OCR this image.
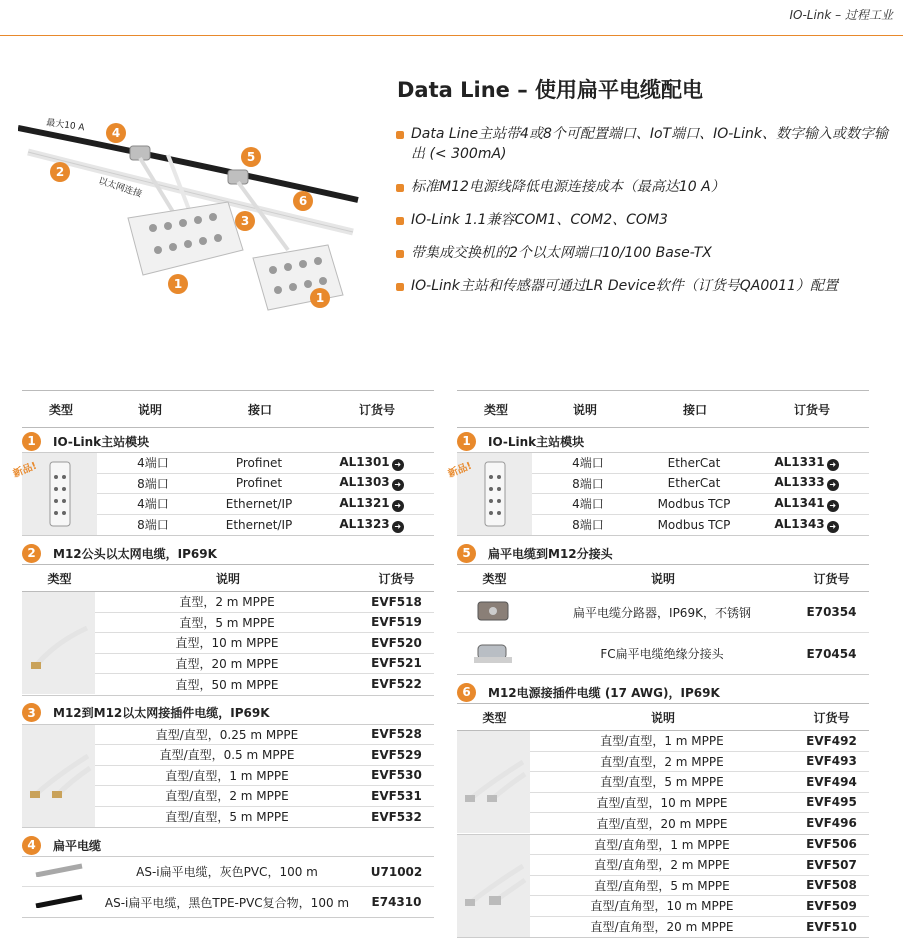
IO-Link – 过程工业
最大10 A
以太网连接
4
2
5
3
6
1
1
Data Line – 使用扁平电缆配电
Data Line主站带4或8个可配置端口、IoT端口、IO-Link、数字输入或数字输出 (< 300mA)
标准M12电源线降低电源连接成本（最高达10 A）
IO-Link 1.1兼容COM1、COM2、COM3
带集成交换机的2个以太网端口10/100 Base-TX
IO-Link主站和传感器可通过LR Device软件（订货号QA0011）配置
类型	说明	接口	订货号
1	IO-Link主站模块
新品!	4端口	Profinet	AL1301 ➜
8端口	Profinet	AL1303 ➜
4端口	Ethernet/IP	AL1321 ➜
8端口	Ethernet/IP	AL1323 ➜
2	M12公头以太网电缆，IP69K
类型	说明	订货号
直型，2 m MPPE	EVF518
直型，5 m MPPE	EVF519
直型，10 m MPPE	EVF520
直型，20 m MPPE	EVF521
直型，50 m MPPE	EVF522
3	M12到M12以太网接插件电缆，IP69K
直型/直型，0.25 m MPPE	EVF528
直型/直型，0.5 m MPPE	EVF529
直型/直型，1 m MPPE	EVF530
直型/直型，2 m MPPE	EVF531
直型/直型，5 m MPPE	EVF532
4	扁平电缆
AS-i扁平电缆，灰色PVC，100 m	U71002
AS-i扁平电缆，黑色TPE-PVC复合物，100 m	E74310
类型	说明	接口	订货号
1	IO-Link主站模块
新品!	4端口	EtherCat	AL1331 ➜
8端口	EtherCat	AL1333 ➜
4端口	Modbus TCP	AL1341 ➜
8端口	Modbus TCP	AL1343 ➜
5	扁平电缆到M12分接头
类型	说明	订货号
扁平电缆分路器，IP69K，不锈钢	E70354
FC扁平电缆绝缘分接头	E70454
6	M12电源接插件电缆 (17 AWG)，IP69K
类型	说明	订货号
直型/直型，1 m MPPE	EVF492
直型/直型，2 m MPPE	EVF493
直型/直型，5 m MPPE	EVF494
直型/直型，10 m MPPE	EVF495
直型/直型，20 m MPPE	EVF496
直型/直角型，1 m MPPE	EVF506
直型/直角型，2 m MPPE	EVF507
直型/直角型，5 m MPPE	EVF508
直型/直角型，10 m MPPE	EVF509
直型/直角型，20 m MPPE	EVF510
